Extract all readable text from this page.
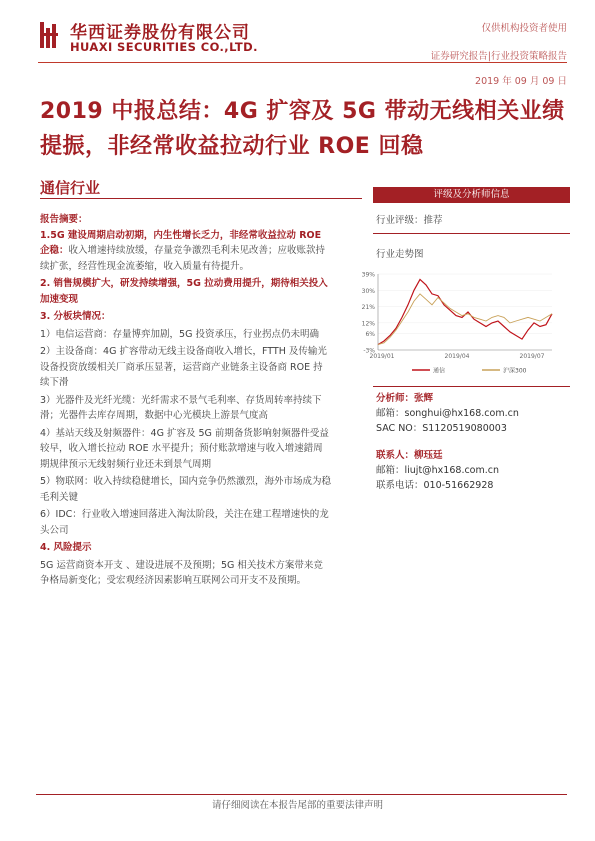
华西证券股份有限公司
HUAXI SECURITIES CO.,LTD.
仅供机构投资者使用
证券研究报告|行业投资策略报告
2019 年 09 月 09 日
2019 中报总结：4G 扩容及 5G 带动无线相关业绩提振，非经常收益拉动行业 ROE 回稳
通信行业
报告摘要：
1.5G 建设周期启动初期，内生性增长乏力，非经常收益拉动 ROE 企稳：收入增速持续放缓，存量竞争激烈毛利未见改善；应收账款持续扩张，经营性现金流萎缩，收入质量有待提升。
2. 销售规模扩大，研发持续增强，5G 拉动费用提升，期待相关投入加速变现
3. 分板块情况：
1）电信运营商：存量博弈加剧，5G 投资承压，行业拐点仍未明确
2）主设备商：4G 扩容带动无线主设备商收入增长，FTTH 及传输光设备投资放缓相关厂商承压显著，运营商产业链条主设备商 ROE 持续下滑
3）光器件及光纤光缆：光纤需求不景气毛利率、存货周转率持续下滑；光器件去库存周期，数据中心光模块上游景气度高
4）基站天线及射频器件：4G 扩容及 5G 前期备货影响射频器件受益较早，收入增长拉动 ROE 水平提升；预付账款增速与收入增速錯周期规律预示无线射频行业还未到景气周期
5）物联网：收入持续稳健增长，国内竞争仍然激烈，海外市场成为稳毛利关键
6）IDC：行业收入增速回落进入淘汰阶段，关注在建工程增速快的龙头公司
4. 风险提示
5G 运营商资本开支 、建设进展不及预期；5G 相关技术方案带来竞争格局新变化；受宏观经济因素影响互联网公司开支不及预期。
评级及分析师信息
行业评级：推荐
行业走势图
-3%
6%
12%
21%
30%
39%
2019/01	2019/04	2019/07
通信	沪深300
分析师：张辉
邮箱：songhui@hx168.com.cn
SAC NO：S1120519080003
联系人：柳珏廷
邮箱：liujt@hx168.com.cn
联系电话：010-51662928
请仔细阅读在本报告尾部的重要法律声明
